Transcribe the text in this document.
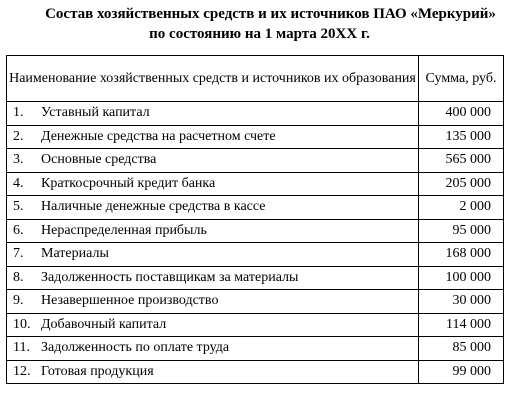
Состав хозяйственных средств и их источников ПАО «Меркурий»
по состоянию на 1 марта 20ХХ г.
Наименование хозяйственных средств и источников их образования	Сумма, руб.
1. Уставный капитал	400 000
2. Денежные средства на расчетном счете	135 000
3. Основные средства	565 000
4. Краткосрочный кредит банка	205 000
5. Наличные денежные средства в кассе	2 000
6. Нераспределенная прибыль	95 000
7. Материалы	168 000
8. Задолженность поставщикам за материалы	100 000
9. Незавершенное производство	30 000
10. Добавочный капитал	114 000
11. Задолженность по оплате труда	85 000
12. Готовая продукция	99 000
